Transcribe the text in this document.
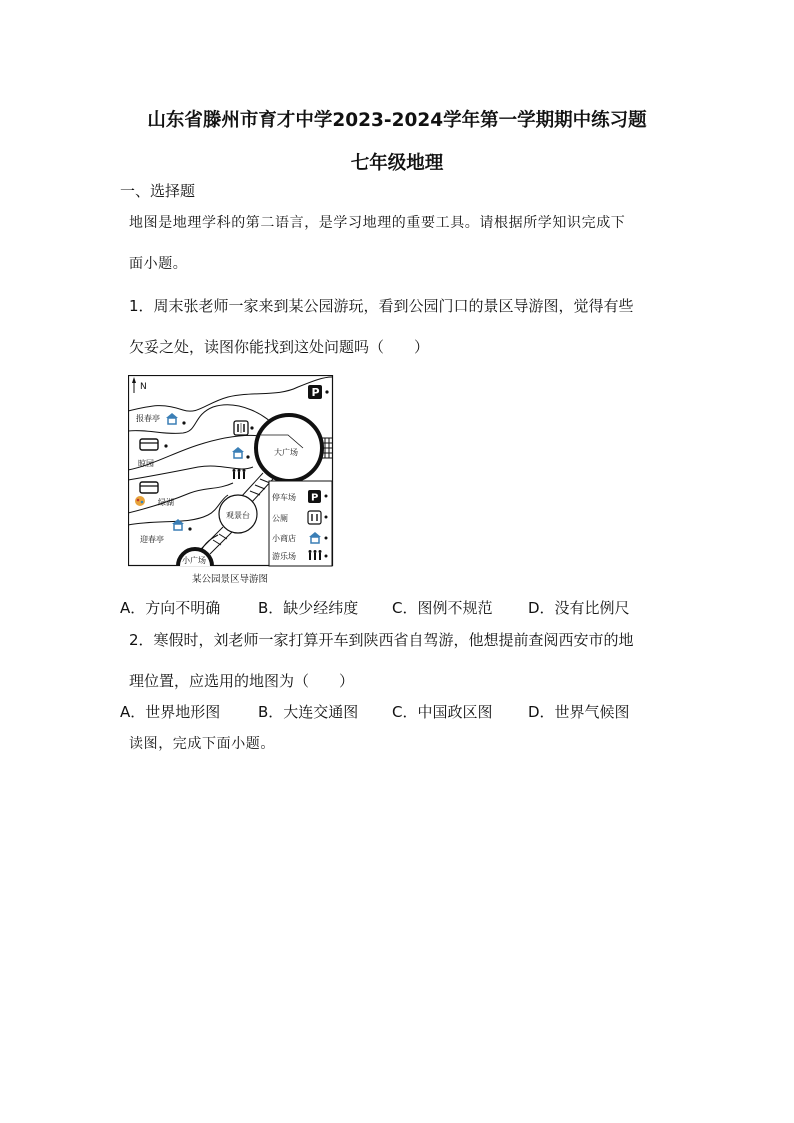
山东省滕州市育才中学2023-2024学年第一学期期中练习题
七年级地理
一、选择题
地图是地理学科的第二语言，是学习地理的重要工具。请根据所学知识完成下
面小题。
1．周末张老师一家来到某公园游玩，看到公园门口的景区导游图，觉得有些
欠妥之处，读图你能找到这处问题吗（　　）
N
大广场
观景台
小广场
报春亭
晾园
绿湖
迎春亭
P
停车场 P
公厕
小商店
游乐场
某公园景区导游图
A．方向不明确	B．缺少经纬度 C．图例不规范 D．没有比例尺
2．寒假时，刘老师一家打算开车到陕西省自驾游，他想提前查阅西安市的地
理位置，应选用的地图为（　　）
A．世界地形图	B．大连交通图 C．中国政区图 D．世界气候图
读图，完成下面小题。
